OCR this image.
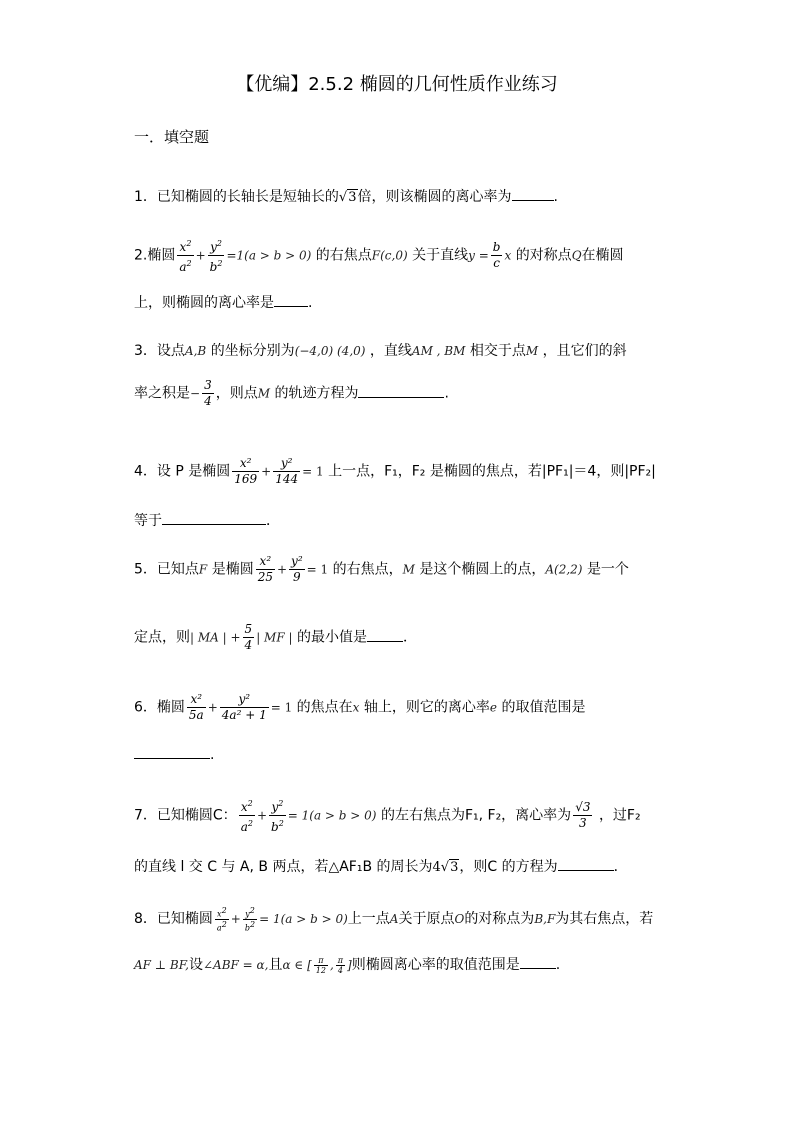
【优编】2.5.2 椭圆的几何性质作业练习
一．填空题
1．已知椭圆的长轴长是短轴长的√3倍，则该椭圆的离心率为	.
2.椭圆 $\frac{x^2}{a^2} + \frac{y^2}{b^2} =1(a > b > 0)$ 的右焦点F(c,0) 关于直线$y = \frac{b}{c}$ x 的对称点Q在椭圆
上，则椭圆的离心率是 .
3．设点A,B 的坐标分别为(−4,0) (4,0) ，直线AM , BM 相交于点M ，且它们的斜
率之积是− $\frac{3}{4}$ ，则点M 的轨迹方程为	.
4．设 P 是椭圆 $\frac{\text{x²}}{169} + \frac{\text{y²}}{144} = 1$ 上一点，F₁，F₂ 是椭圆的焦点，若|PF₁|＝4，则|PF₂|
等于	．
5．已知点F 是椭圆 $\frac{\text{x²}}{25} + \frac{\text{y²}}{9} = 1$ 的右焦点，M 是这个椭圆上的点，A(2,2) 是一个
定点，则| MA | + $\frac{5}{4}$ | MF | 的最小值是	．
6．椭圆 $\frac{\text{x²}}{5a} + \frac{\text{y²}}{\text{4a² + 1}} = 1$ 的焦点在x 轴上，则它的离心率e 的取值范围是
.
7．已知椭圆C： $\frac{x^2}{a^2} + \frac{y^2}{b^2} = 1(a > b > 0)$ 的左右焦点为F₁, F₂，离心率为 $\frac{√3}{3}$ ，过F₂
的直线 l 交 C 与 A, B 两点，若△AF₁B 的周长为4√3，则C 的方程为	．
8．已知椭圆 $\frac{x^2}{a^2} + \frac{y^2}{b^2} = 1(a > b > 0)$上一点A关于原点O的对称点为B,F为其右焦点，若
AF ⊥ BF,设∠ABF = α,且α ∈ [ $\frac{\pi}{12}$ , $\frac{\pi}{4}$ ]则椭圆离心率的取值范围是	.
